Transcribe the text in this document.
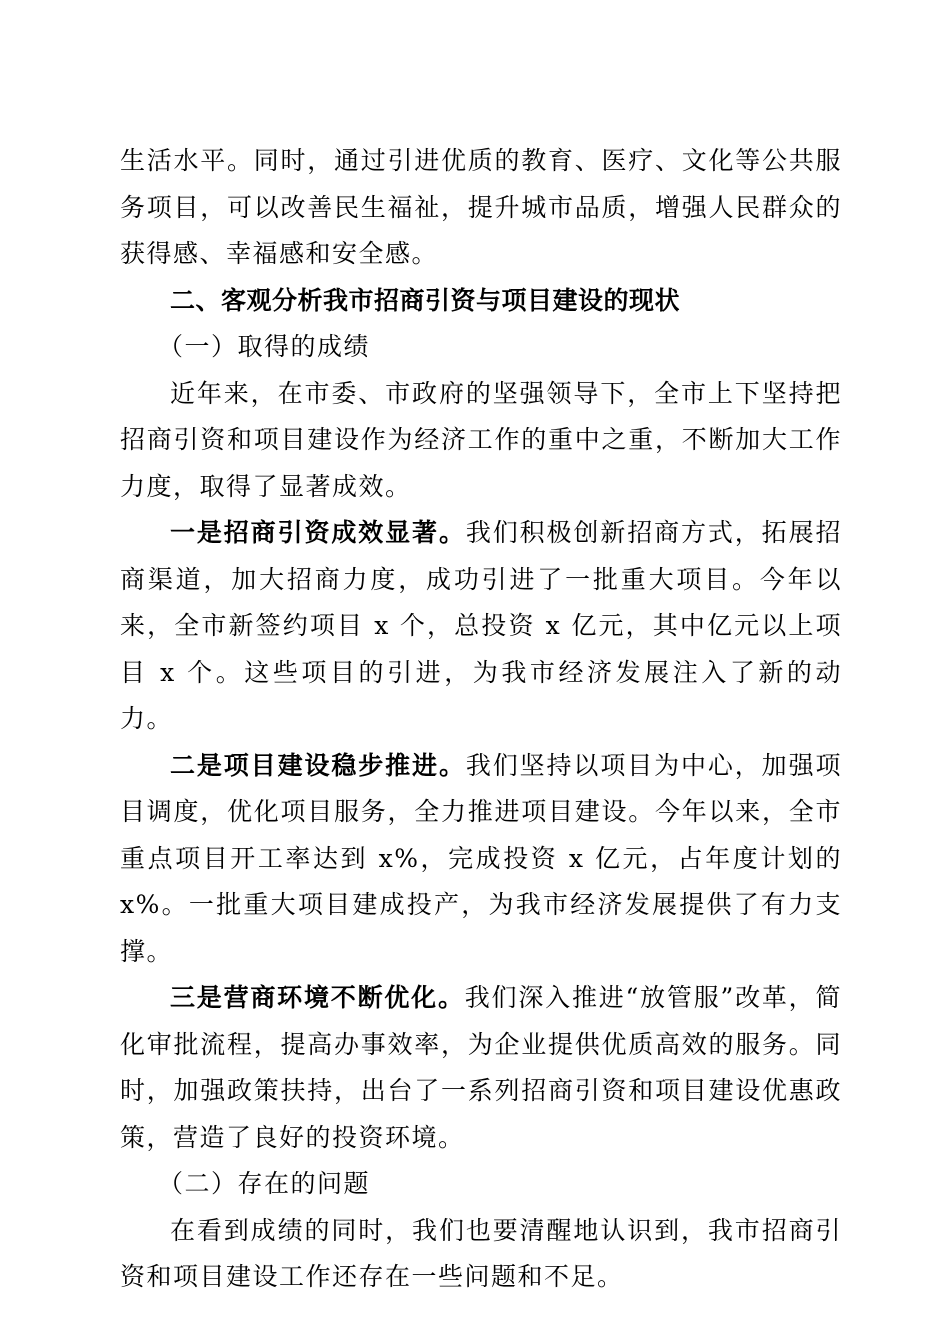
生活水平。同时，通过引进优质的教育、医疗、文化等公共服务项目，可以改善民生福祉，提升城市品质，增强人民群众的获得感、幸福感和安全感。

二、客观分析我市招商引资与项目建设的现状

（一）取得的成绩

近年来，在市委、市政府的坚强领导下，全市上下坚持把招商引资和项目建设作为经济工作的重中之重，不断加大工作力度，取得了显著成效。

一是招商引资成效显著。我们积极创新招商方式，拓展招商渠道，加大招商力度，成功引进了一批重大项目。今年以来，全市新签约项目 x 个，总投资 x 亿元，其中亿元以上项目 x 个。这些项目的引进，为我市经济发展注入了新的动力。

二是项目建设稳步推进。我们坚持以项目为中心，加强项目调度，优化项目服务，全力推进项目建设。今年以来，全市重点项目开工率达到 x%，完成投资 x 亿元，占年度计划的 x%。一批重大项目建成投产，为我市经济发展提供了有力支撑。

三是营商环境不断优化。我们深入推进“放管服”改革，简化审批流程，提高办事效率，为企业提供优质高效的服务。同时，加强政策扶持，出台了一系列招商引资和项目建设优惠政策，营造了良好的投资环境。

（二）存在的问题

在看到成绩的同时，我们也要清醒地认识到，我市招商引资和项目建设工作还存在一些问题和不足。
